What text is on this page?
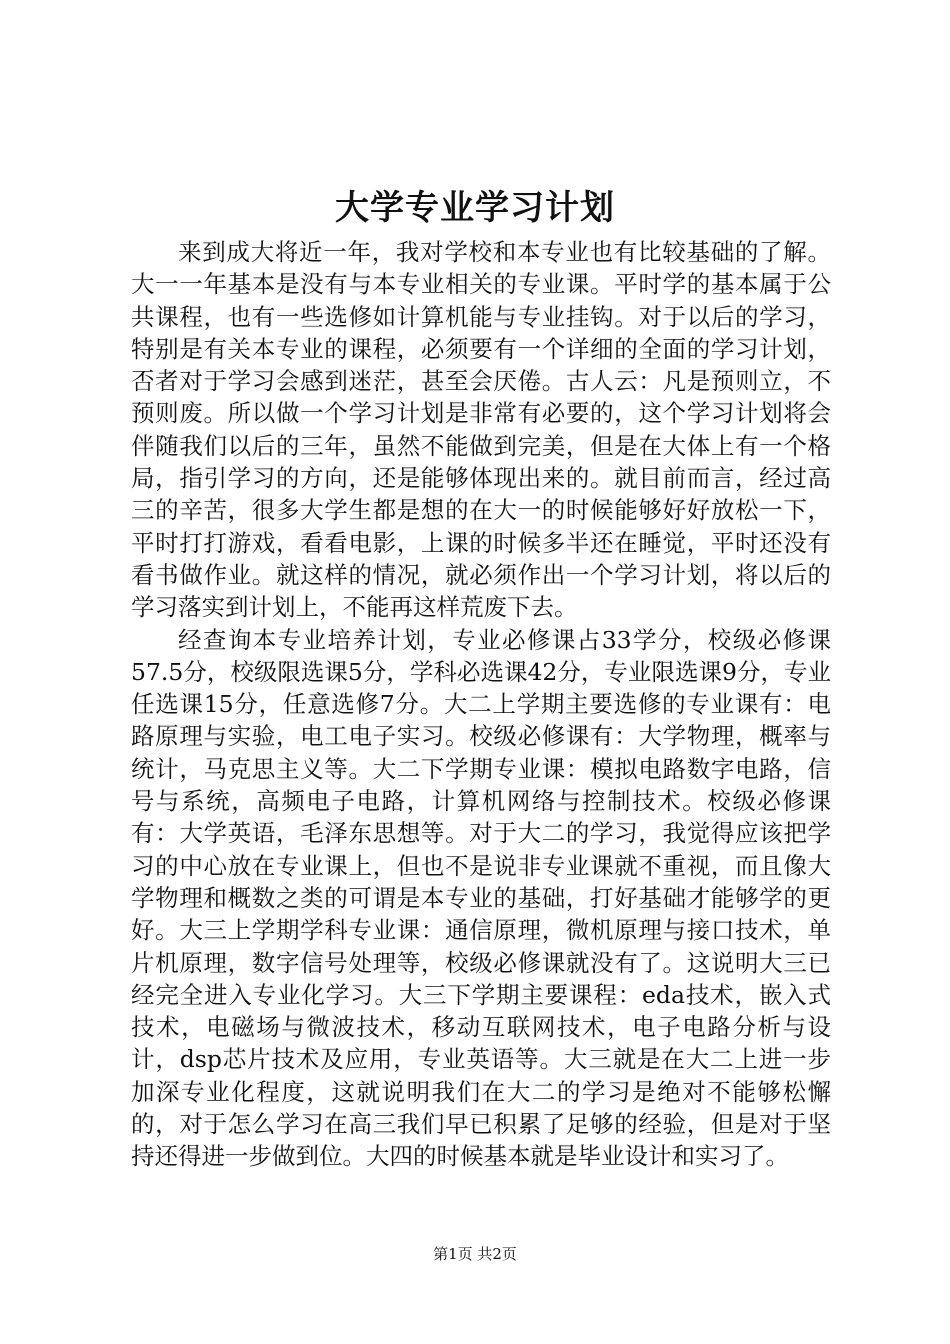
大学专业学习计划

来到成大将近一年，我对学校和本专业也有比较基础的了解。大一一年基本是没有与本专业相关的专业课。平时学的基本属于公共课程，也有一些选修如计算机能与专业挂钩。对于以后的学习，特别是有关本专业的课程，必须要有一个详细的全面的学习计划，否者对于学习会感到迷茫，甚至会厌倦。古人云：凡是预则立，不预则废。所以做一个学习计划是非常有必要的，这个学习计划将会伴随我们以后的三年，虽然不能做到完美，但是在大体上有一个格局，指引学习的方向，还是能够体现出来的。就目前而言，经过高三的辛苦，很多大学生都是想的在大一的时候能够好好放松一下，平时打打游戏，看看电影，上课的时候多半还在睡觉，平时还没有看书做作业。就这样的情况，就必须作出一个学习计划，将以后的学习落实到计划上，不能再这样荒废下去。

经查询本专业培养计划，专业必修课占33学分，校级必修课57.5分，校级限选课5分，学科必选课42分，专业限选课9分，专业任选课15分，任意选修7分。大二上学期主要选修的专业课有：电路原理与实验，电工电子实习。校级必修课有：大学物理，概率与统计，马克思主义等。大二下学期专业课：模拟电路数字电路，信号与系统，高频电子电路，计算机网络与控制技术。校级必修课有：大学英语，毛泽东思想等。对于大二的学习，我觉得应该把学习的中心放在专业课上，但也不是说非专业课就不重视，而且像大学物理和概数之类的可谓是本专业的基础，打好基础才能够学的更好。大三上学期学科专业课：通信原理，微机原理与接口技术，单片机原理，数字信号处理等，校级必修课就没有了。这说明大三已经完全进入专业化学习。大三下学期主要课程：eda技术，嵌入式技术，电磁场与微波技术，移动互联网技术，电子电路分析与设计，dsp芯片技术及应用，专业英语等。大三就是在大二上进一步加深专业化程度，这就说明我们在大二的学习是绝对不能够松懈的，对于怎么学习在高三我们早已积累了足够的经验，但是对于坚持还得进一步做到位。大四的时候基本就是毕业设计和实习了。

第1页 共2页
